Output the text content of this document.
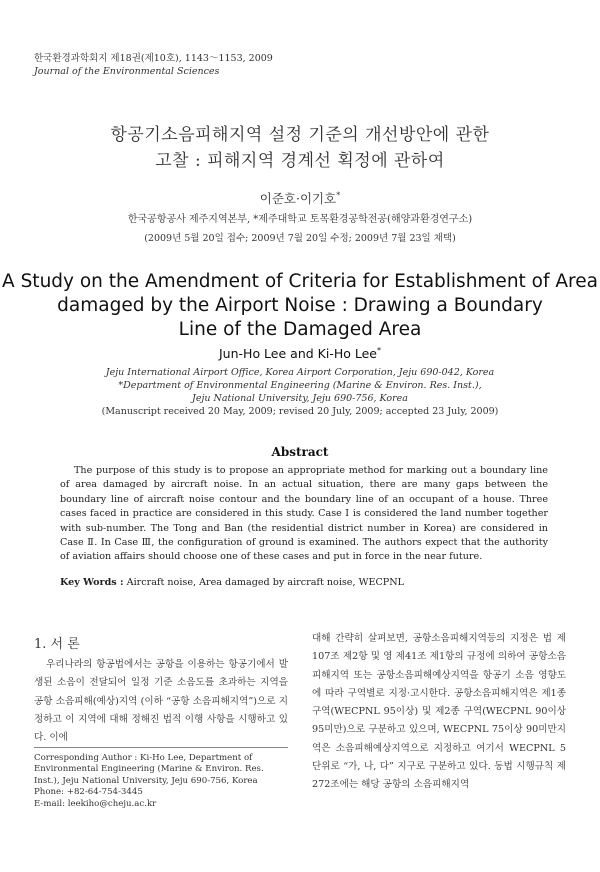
한국환경과학회지 제18권(제10호), 1143～1153, 2009
Journal of the Environmental Sciences
항공기소음피해지역 설정 기준의 개선방안에 관한
고찰 : 피해지역 경계선 획정에 관하여
이준호·이기호*
한국공항공사 제주지역본부, *제주대학교 토목환경공학전공(해양과환경연구소)
(2009년 5월 20일 접수; 2009년 7월 20일 수정; 2009년 7월 23일 채택)
A Study on the Amendment of Criteria for Establishment of Area
damaged by the Airport Noise : Drawing a Boundary
Line of the Damaged Area
Jun-Ho Lee and Ki-Ho Lee*
Jeju International Airport Office, Korea Airport Corporation, Jeju 690-042, Korea
*Department of Environmental Engineering (Marine & Environ. Res. Inst.),
Jeju National University, Jeju 690-756, Korea
(Manuscript received 20 May, 2009; revised 20 July, 2009; accepted 23 July, 2009)
Abstract
The purpose of this study is to propose an appropriate method for marking out a boundary line of area damaged by aircraft noise. In an actual situation, there are many gaps between the boundary line of aircraft noise contour and the boundary line of an occupant of a house. Three cases faced in practice are considered in this study. Case Ⅰ is considered the land number together with sub-number. The Tong and Ban (the residential district number in Korea) are considered in Case Ⅱ. In Case Ⅲ, the configuration of ground is examined. The authors expect that the authority of aviation affairs should choose one of these cases and put in force in the near future.
Key Words : Aircraft noise, Area damaged by aircraft noise, WECPNL
1. 서 론
우리나라의 항공법에서는 공항을 이용하는 항공기에서 발생된 소음이 전달되어 일정 기준 소음도를 초과하는 지역을 공항 소음피해(예상)지역 (이하 “공항 소음피해지역”)으로 지정하고 이 지역에 대해 정해진 법적 이행 사항을 시행하고 있다. 이에
Corresponding Author : Ki-Ho Lee, Department of Environmental Engineering (Marine & Environ. Res. Inst.), Jeju National University, Jeju 690-756, Korea
Phone: +82-64-754-3445
E-mail: leekiho@cheju.ac.kr
대해 간략히 살펴보면, 공항소음피해지역등의 지정은 법 제107조 제2항 및 영 제41조 제1항의 규정에 의하여 공항소음피해지역 또는 공항소음피해예상지역을 항공기 소음 영향도에 따라 구역별로 지정·고시한다. 공항소음피해지역은 제1종 구역(WECPNL 95이상) 및 제2종 구역(WECPNL 90이상 95미만)으로 구분하고 있으며, WECPNL 75이상 90미만지역은 소음피해예상지역으로 지정하고 여기서 WECPNL 5 단위로 “가, 나, 다” 지구로 구분하고 있다. 동법 시행규칙 제272조에는 해당 공항의 소음피해지역
